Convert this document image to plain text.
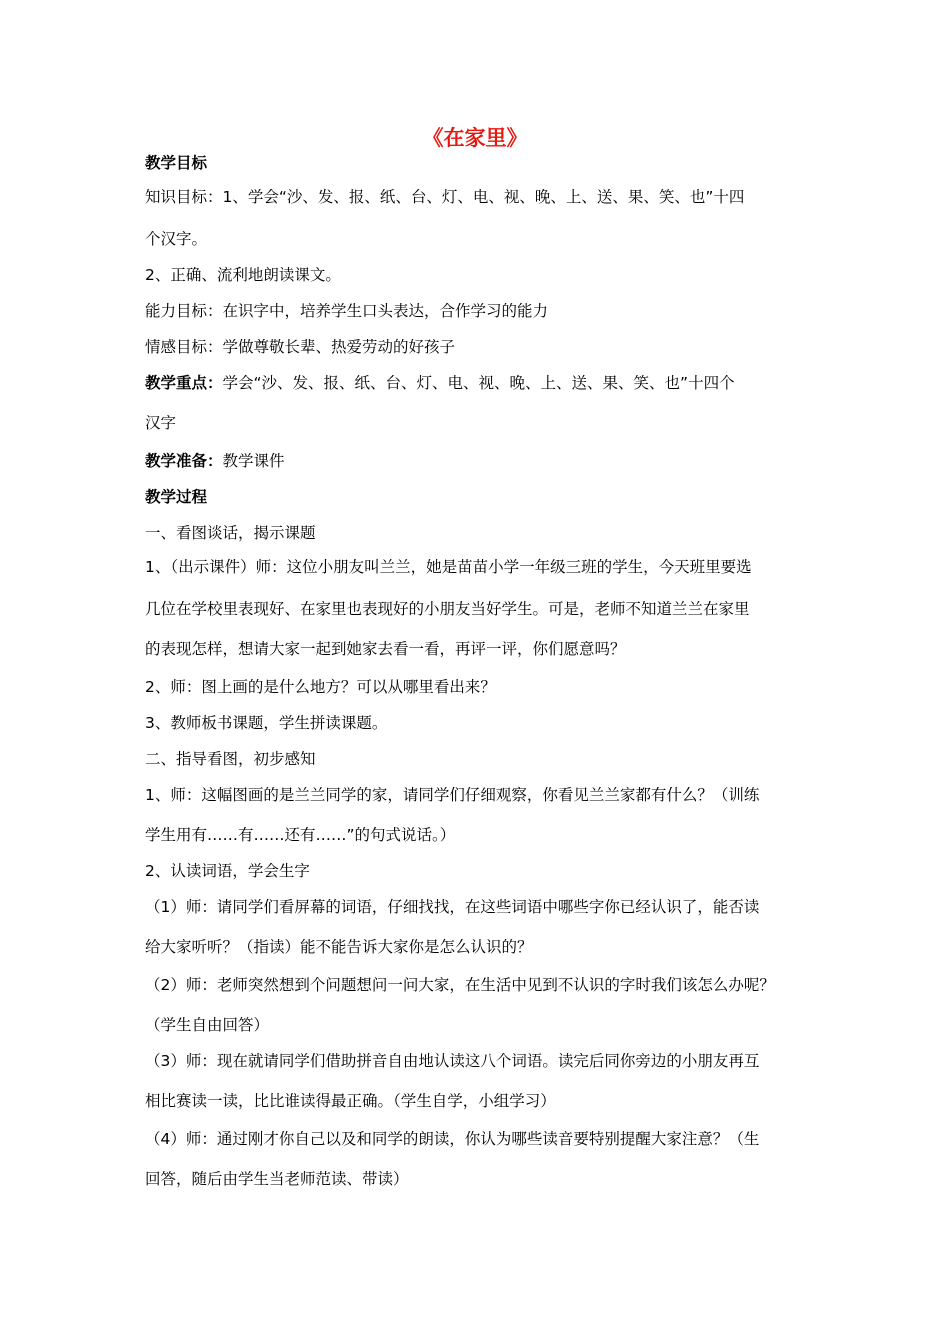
《在家里》
教学目标
知识目标：1、学会“沙、发、报、纸、台、灯、电、视、晚、上、送、果、笑、也”十四
个汉字。
2、正确、流利地朗读课文。
能力目标：在识字中，培养学生口头表达，合作学习的能力
情感目标：学做尊敬长辈、热爱劳动的好孩子
教学重点：学会“沙、发、报、纸、台、灯、电、视、晚、上、送、果、笑、也”十四个
汉字
教学准备：教学课件
教学过程
一、看图谈话，揭示课题
1、（出示课件）师：这位小朋友叫兰兰，她是苗苗小学一年级三班的学生，今天班里要选
几位在学校里表现好、在家里也表现好的小朋友当好学生。可是，老师不知道兰兰在家里
的表现怎样，想请大家一起到她家去看一看，再评一评，你们愿意吗？
2、师：图上画的是什么地方？可以从哪里看出来？
3、教师板书课题，学生拼读课题。
二、指导看图，初步感知
1、师：这幅图画的是兰兰同学的家，请同学们仔细观察，你看见兰兰家都有什么？（训练
学生用有……有……还有……”的句式说话。）
2、认读词语，学会生字
（1）师：请同学们看屏幕的词语，仔细找找，在这些词语中哪些字你已经认识了，能否读
给大家听听？（指读）能不能告诉大家你是怎么认识的？
（2）师：老师突然想到个问题想问一问大家，在生活中见到不认识的字时我们该怎么办呢？
（学生自由回答）
（3）师：现在就请同学们借助拼音自由地认读这八个词语。读完后同你旁边的小朋友再互
相比赛读一读，比比谁读得最正确。（学生自学，小组学习）
（4）师：通过刚才你自己以及和同学的朗读，你认为哪些读音要特别提醒大家注意？（生
回答，随后由学生当老师范读、带读）
